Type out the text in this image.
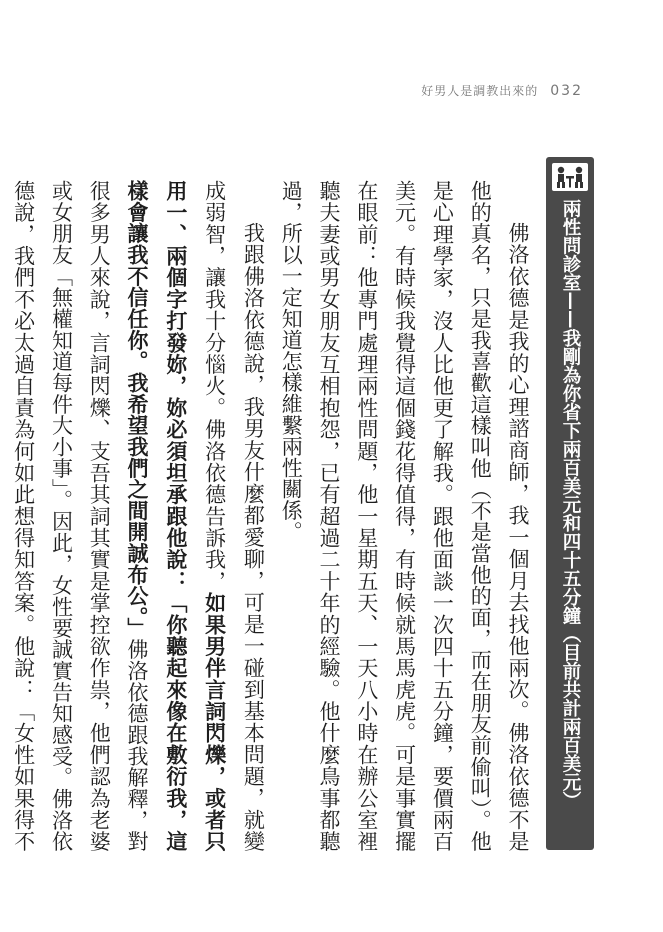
好男人是調教出來的 032
兩性問診室——我剛為你省下兩百美元和四十五分鐘（目前共計兩百美元）

佛洛依德是我的心理諮商師，我一個月去找他兩次。佛洛依德不是他的真名，只是我喜歡這樣叫他（不是當他的面，而在朋友前偷叫）。他是心理學家，沒人比他更了解我。跟他面談一次四十五分鐘，要價兩百美元。有時候我覺得這個錢花得值得，有時候就馬馬虎虎。可是事實擺在眼前：他專門處理兩性問題，他一星期五天、一天八小時在辦公室裡聽夫妻或男女朋友互相抱怨，已有超過二十年的經驗。他什麼鳥事都聽過，所以一定知道怎樣維繫兩性關係。

我跟佛洛依德說，我男友什麼都愛聊，可是一碰到基本問題，就變成弱智，讓我十分惱火。佛洛依德告訴我，如果男伴言詞閃爍，或者只用一、兩個字打發妳，妳必須坦承跟他說：「你聽起來像在敷衍我，這樣會讓我不信任你。我希望我們之間開誠布公。」佛洛依德跟我解釋，對很多男人來說，言詞閃爍、支吾其詞其實是掌控欲作祟，他們認為老婆或女朋友「無權知道每件大小事」。因此，女性要誠實告知感受。佛洛依德說，我們不必太過自責為何如此想得知答案。他說：「女性如果得不
